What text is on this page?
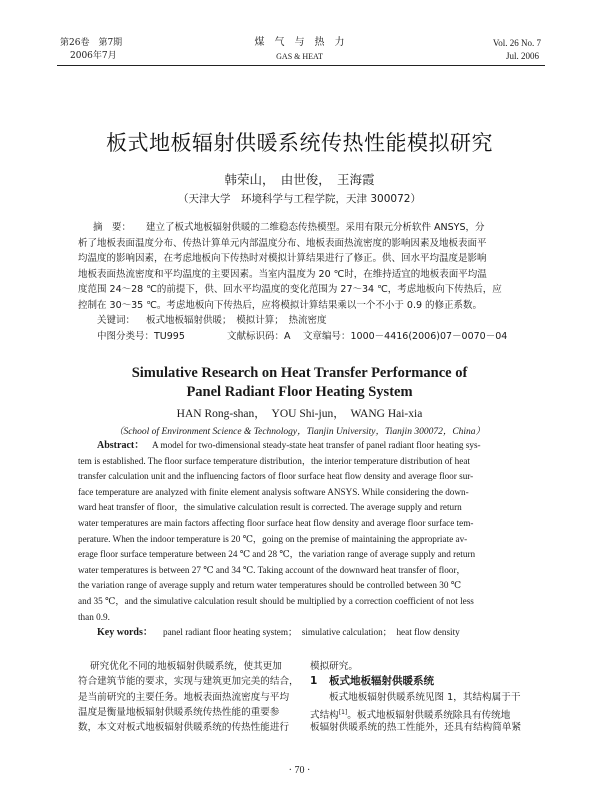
第26卷　第7期
2006年7月
煤　气　与　热　力
GAS & HEAT
Vol. 26 No. 7
Jul. 2006
板式地板辐射供暖系统传热性能模拟研究
韩荣山，　由世俊，　王海霞
（天津大学　环境科学与工程学院，天津 300072）
摘　要： 建立了板式地板辐射供暖的二维稳态传热模型。采用有限元分析软件 ANSYS，分
析了地板表面温度分布、传热计算单元内部温度分布、地板表面热流密度的影响因素及地板表面平
均温度的影响因素，在考虑地板向下传热时对模拟计算结果进行了修正。供、回水平均温度是影响
地板表面热流密度和平均温度的主要因素。当室内温度为 20 ℃时，在维持适宜的地板表面平均温
度范围 24～28 ℃的前提下，供、回水平均温度的变化范围为 27～34 ℃，考虑地板向下传热后，应
控制在 30～35 ℃。考虑地板向下传热后，应将模拟计算结果乘以一个不小于 0.9 的修正系数。
关键词： 板式地板辐射供暖；　模拟计算；　热流密度
中图分类号：TU995	文献标识码：A 文章编号：1000－4416(2006)07－0070－04
Simulative Research on Heat Transfer Performance of
Panel Radiant Floor Heating System
HAN Rong-shan，　YOU Shi-jun，　WANG Hai-xia
（School of Environment Science & Technology，Tianjin University，Tianjin 300072，China）
Abstract： A model for two-dimensional steady-state heat transfer of panel radiant floor heating sys-
tem is established. The floor surface temperature distribution，the interior temperature distribution of heat
transfer calculation unit and the influencing factors of floor surface heat flow density and average floor sur-
face temperature are analyzed with finite element analysis software ANSYS. While considering the down-
ward heat transfer of floor，the simulative calculation result is corrected. The average supply and return
water temperatures are main factors affecting floor surface heat flow density and average floor surface tem-
perature. When the indoor temperature is 20 ℃，going on the premise of maintaining the appropriate av-
erage floor surface temperature between 24 ℃ and 28 ℃，the variation range of average supply and return
water temperatures is between 27 ℃ and 34 ℃. Taking account of the downward heat transfer of floor，
the variation range of average supply and return water temperatures should be controlled between 30 ℃
and 35 ℃，and the simulative calculation result should be multiplied by a correction coefficient of not less
than 0.9.
Key words： panel radiant floor heating system；　simulative calculation；　heat flow density
研究优化不同的地板辐射供暖系统，使其更加
符合建筑节能的要求，实现与建筑更加完美的结合，
是当前研究的主要任务。地板表面热流密度与平均
温度是衡量地板辐射供暖系统传热性能的重要参
数，本文对板式地板辐射供暖系统的传热性能进行
模拟研究。
1 板式地板辐射供暖系统
板式地板辐射供暖系统见图 1，其结构属于干
式结构[1]。板式地板辐射供暖系统除具有传统地
板辐射供暖系统的热工性能外，还具有结构简单紧
· 70 ·
